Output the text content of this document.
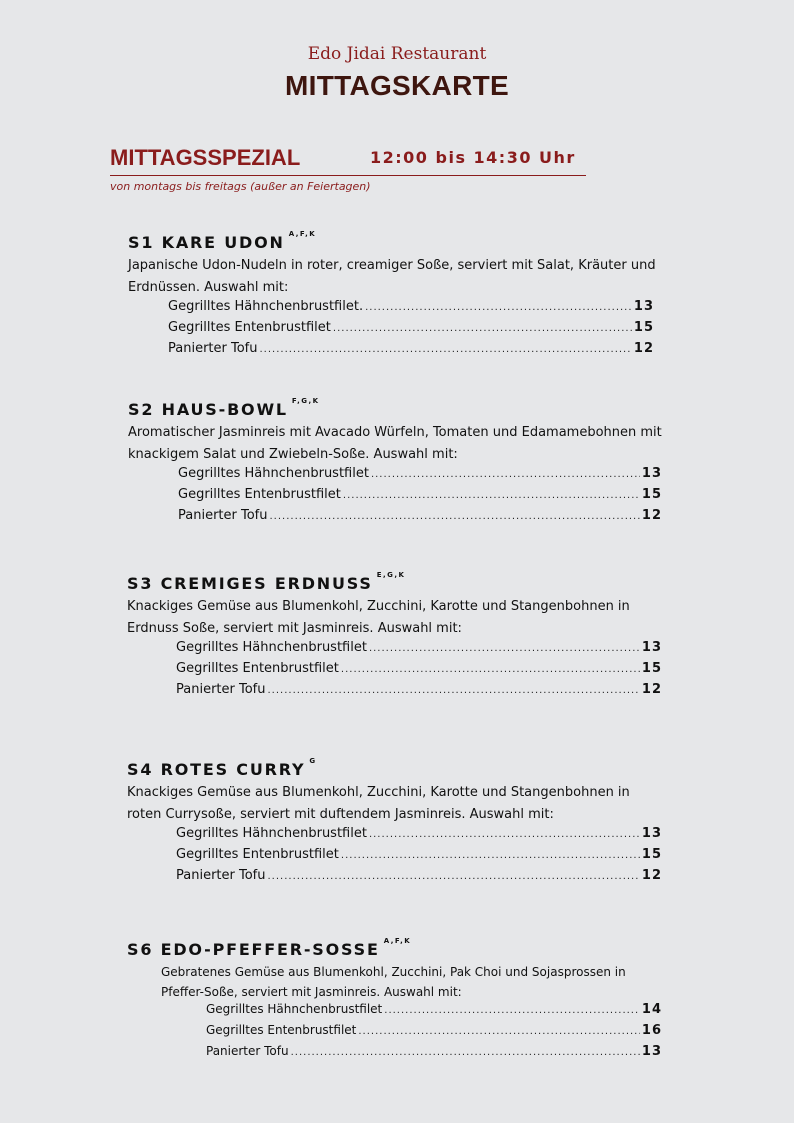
Edo Jidai Restaurant
MITTAGSKARTE
MITTAGSSPEZIAL	12:00 bis 14:30 Uhr
von montags bis freitags (außer an Feiertagen)
S1 KARE UDON $^{A,F,K}$
Japanische Udon-Nudeln in roter, creamiger Soße, serviert mit Salat, Kräuter und Erdnüssen. Auswahl mit:
Gegrilltes Hähnchenbrustfilet. .....	13
Gegrilltes Entenbrustfilet .....	15
Panierter Tofu .....	12
S2 HAUS-BOWL $^{F,G,K}$
Aromatischer Jasminreis mit Avacado Würfeln, Tomaten und Edamamebohnen mit knackigem Salat und Zwiebeln-Soße. Auswahl mit:
Gegrilltes Hähnchenbrustfilet .....	13
Gegrilltes Entenbrustfilet .....	15
Panierter Tofu .....	12
S3 CREMIGES ERDNUSS $^{E,G,K}$
Knackiges Gemüse aus Blumenkohl, Zucchini, Karotte und Stangenbohnen in Erdnuss Soße, serviert mit Jasminreis. Auswahl mit:
Gegrilltes Hähnchenbrustfilet .....	13
Gegrilltes Entenbrustfilet .....	15
Panierter Tofu .....	12
S4 ROTES CURRY $^G$
Knackiges Gemüse aus Blumenkohl, Zucchini, Karotte und Stangenbohnen in roten Currysoße, serviert mit duftendem Jasminreis. Auswahl mit:
Gegrilltes Hähnchenbrustfilet .....	13
Gegrilltes Entenbrustfilet .....	15
Panierter Tofu .....	12
S6 EDO-PFEFFER-SOSSE $^{A,F,K}$
Gebratenes Gemüse aus Blumenkohl, Zucchini, Pak Choi und Sojasprossen in Pfeffer-Soße, serviert mit Jasminreis. Auswahl mit:
Gegrilltes Hähnchenbrustfilet .....	14
Gegrilltes Entenbrustfilet .....	16
Panierter Tofu .....	13
